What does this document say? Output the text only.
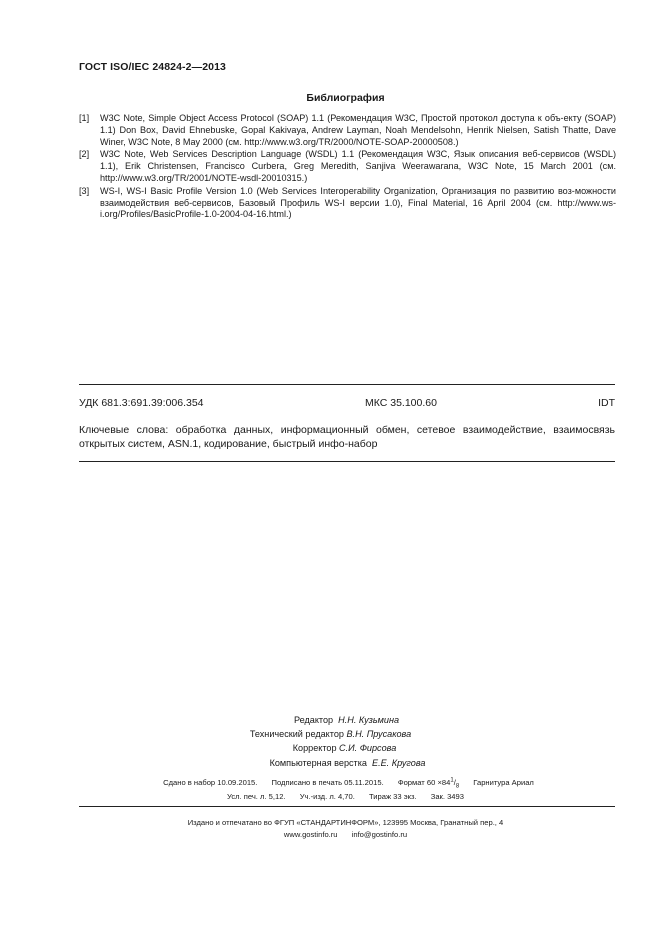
ГОСТ ISO/IEC 24824-2—2013
Библиография
[1]	W3C Note, Simple Object Access Protocol (SOAP) 1.1 (Рекомендация W3C, Простой протокол доступа к объ-екту (SOAP) 1.1) Don Box, David Ehnebuske, Gopal Kakivaya, Andrew Layman, Noah Mendelsohn, Henrik Nielsen, Satish Thatte, Dave Winer, W3C Note, 8 May 2000 (см. http://www.w3.org/TR/2000/NOTE-SOAP-20000508.)
[2]	W3C Note, Web Services Description Language (WSDL) 1.1 (Рекомендация W3C, Язык описания веб-сервисов (WSDL) 1.1), Erik Christensen, Francisco Curbera, Greg Meredith, Sanjiva Weerawarana, W3C Note, 15 March 2001 (см. http://www.w3.org/TR/2001/NOTE-wsdl-20010315.)
[3]	WS-I, WS-I Basic Profile Version 1.0 (Web Services Interoperability Organization, Организация по развитию воз-можности взаимодействия веб-сервисов, Базовый Профиль WS-I версии 1.0), Final Material, 16 April 2004 (см. http://www.ws-i.org/Profiles/BasicProfile-1.0-2004-04-16.html.)
УДК 681.3:691.39:006.354	МКС 35.100.60	IDT
Ключевые слова: обработка данных, информационный обмен, сетевое взаимодействие, взаимосвязь открытых систем, ASN.1, кодирование, быстрый инфо-набор
Редактор Н.Н. Кузьмина
Технический редактор В.Н. Прусакова
Корректор С.И. Фирсова
Компьютерная верстка Е.Е. Кругова
Сдано в набор 10.09.2015. Подписано в печать 05.11.2015. Формат $60 \times 84^1/_8$ Гарнитура Ариал
Усл. печ. л. 5,12. Уч.-изд. л. 4,70. Тираж 33 экз. Зак. 3493
Издано и отпечатано во ФГУП «СТАНДАРТИНФОРМ», 123995 Москва, Гранатный пер., 4
www.gostinfo.ru info@gostinfo.ru
